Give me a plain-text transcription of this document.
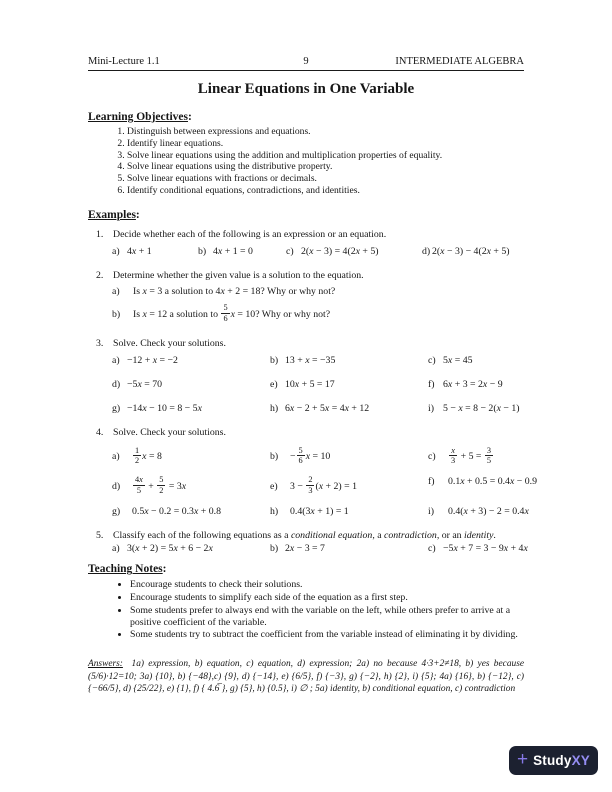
Mini-Lecture 1.1	9	INTERMEDIATE ALGEBRA
Linear Equations in One Variable
Learning Objectives:
1. Distinguish between expressions and equations.
2. Identify linear equations.
3. Solve linear equations using the addition and multiplication properties of equality.
4. Solve linear equations using the distributive property.
5. Solve linear equations with fractions or decimals.
6. Identify conditional equations, contradictions, and identities.
Examples:
1. Decide whether each of the following is an expression or an equation.
a) 4x + 1	b) 4x + 1 = 0	c) 2(x − 3) = 4(2x + 5)	d) 2(x − 3) − 4(2x + 5)
2. Determine whether the given value is a solution to the equation.
a) Is x = 3 a solution to 4x + 2 = 18? Why or why not?
b) Is x = 12 a solution to $\frac{5}{6}$ x = 10? Why or why not?
3. Solve. Check your solutions.
a) −12 + x = −2	b) 13 + x = −35	c) 5x = 45
d) −5x = 70	e) 10x + 5 = 17	f) 6x + 3 = 2x − 9
g) −14x − 10 = 8 − 5x	h) 6x − 2 + 5x = 4x + 12	i) 5 − x = 8 − 2(x − 1)
4. Solve. Check your solutions.
$a) \frac{1}{2}$ x = 8	$b) - \frac{5}{6}$ x = 10	$c) \frac{x}{3} + 5 = \frac{3}{5}$
$d) \frac{4x}{5} + \frac{5}{2} = 3x$	e) $3 - \frac{2}{3} (x + 2) = 1$	f) 0.1x + 0.5 = 0.4x − 0.9
g) 0.5x − 0.2 = 0.3x + 0.8	h) 0.4(3x + 1) = 1	i) 0.4(x + 3) − 2 = 0.4x
5. Classify each of the following equations as a conditional equation, a contradiction, or an identity.
a) 3(x + 2) = 5x + 6 − 2x	b) 2x − 3 = 7	c) −5x + 7 = 3 − 9x + 4x
Teaching Notes:
• Encourage students to check their solutions.
• Encourage students to simplify each side of the equation as a first step.
• Some students prefer to always end with the variable on the left, while others prefer to arrive at a positive coefficient of the variable.
• Some students try to subtract the coefficient from the variable instead of eliminating it by dividing.
Answers: 1a) expression, b) equation, c) equation, d) expression; 2a) no because 4·3+2≠18, b) yes because (5/6)·12=10; 3a) {10}, b) {−48},c) {9}, d) {−14}, e) {6/5}, f) {−3}, g) {−2}, h) {2}, i) {5}; 4a) {16}, b) {−12}, c){−66/5}, d) {25/22}, e) {1}, f) { 4.6̅ }, g) {5}, h) {0.5}, i) ∅ ; 5a) identity, b) conditional equation, c) contradiction
+ StudyXY
